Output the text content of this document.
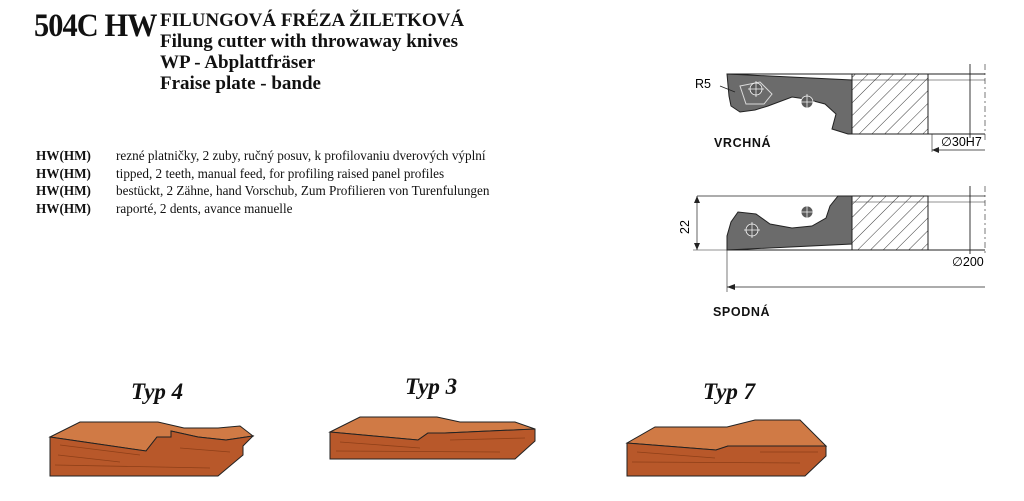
504C HW FILUNGOVÁ FRÉZA ŽILETKOVÁ
Filung cutter with throwaway knives
WP - Abplattfräser
Fraise plate - bande
HW(HM) rezné platničky, 2 zuby, ručný posuv, k profilovaniu dverových výplní
HW(HM) tipped, 2 teeth, manual feed, for profiling raised panel profiles
HW(HM) bestückt, 2 Zähne, hand Vorschub, Zum Profilieren von Turenfulungen
HW(HM) raporté, 2 dents, avance manuelle
R5
∅30H7
22
∅200
VRCHNÁ
SPODNÁ
Typ 4	Typ 3	Typ 7
